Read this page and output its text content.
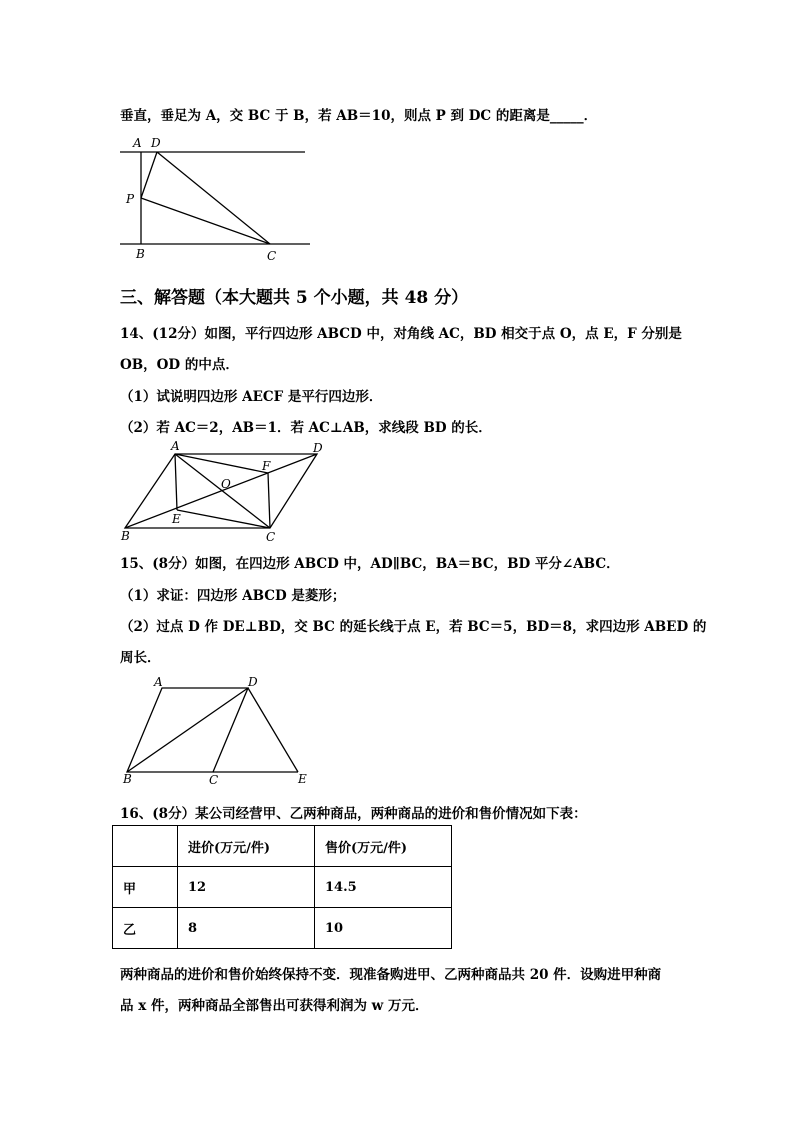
垂直，垂足为 A，交 BC 于 B，若 AB＝10，则点 P 到 DC 的距离是_____．
A D
P
B	C
三、解答题（本大题共 5 个小题，共 48 分）
14、(12分）如图，平行四边形 ABCD 中，对角线 AC，BD 相交于点 O，点 E，F 分别是
OB，OD 的中点．
（1）试说明四边形 AECF 是平行四边形．
（2）若 AC＝2，AB＝1．若 AC⊥AB，求线段 BD 的长．
A	D
F
O
E
B	C
15、(8分）如图，在四边形 ABCD 中，AD∥BC，BA＝BC，BD 平分∠ABC．
（1）求证：四边形 ABCD 是菱形；
（2）过点 D 作 DE⊥BD，交 BC 的延长线于点 E，若 BC＝5，BD＝8，求四边形 ABED 的
周长．
A	D
B	C	E
16、(8分）某公司经营甲、乙两种商品，两种商品的进价和售价情况如下表：
	进价(万元/件)	售价(万元/件)
甲	12	14.5
乙	8	10
两种商品的进价和售价始终保持不变．现准备购进甲、乙两种商品共 20 件．设购进甲种商
品 x 件，两种商品全部售出可获得利润为 w 万元．
